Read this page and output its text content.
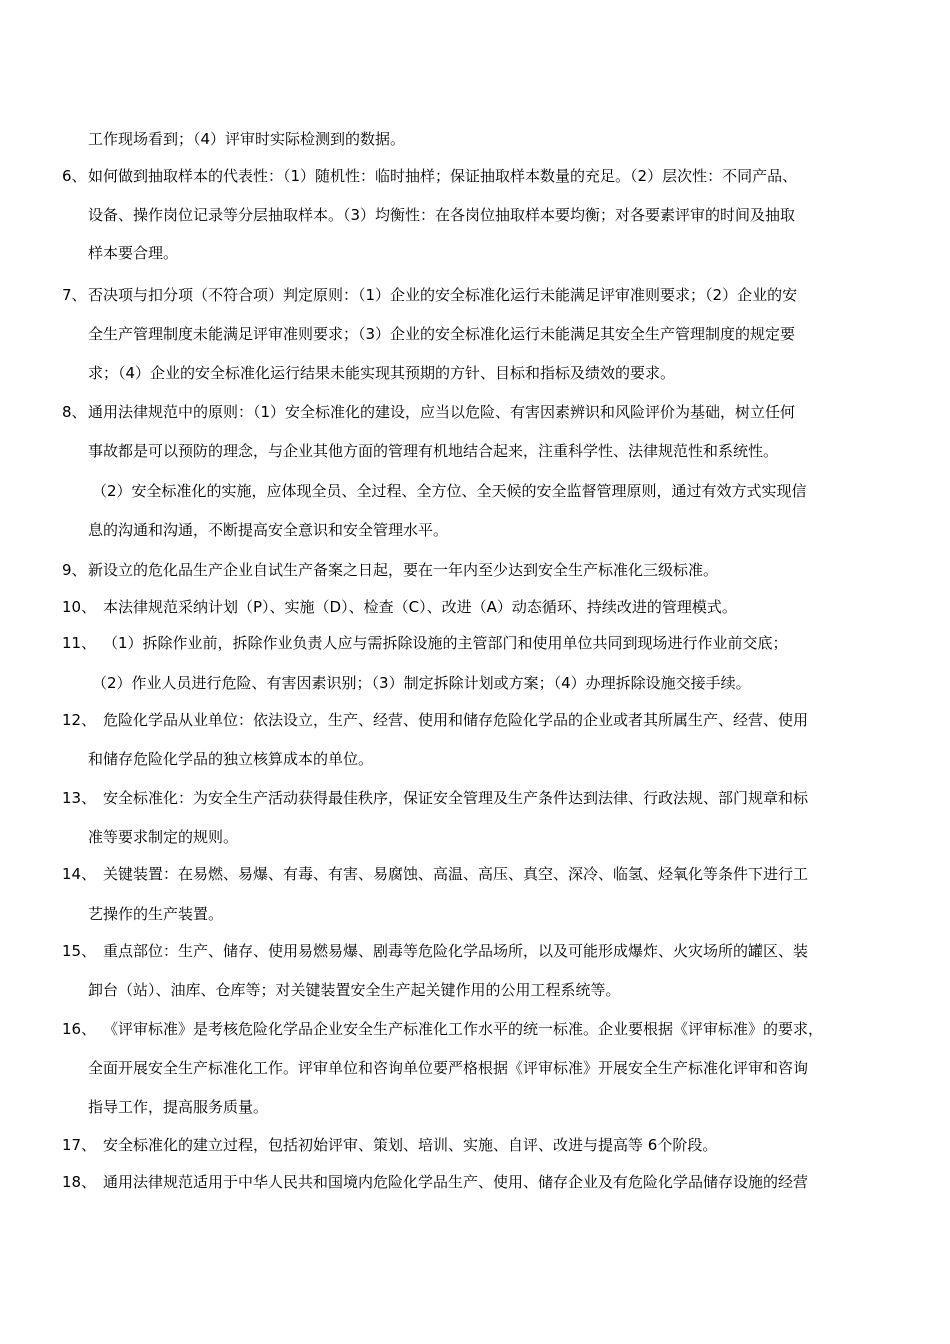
工作现场看到；（4）评审时实际检测到的数据。
6、 如何做到抽取样本的代表性：（1）随机性：临时抽样；保证抽取样本数量的充足。（2）层次性：不同产品、
设备、操作岗位记录等分层抽取样本。（3）均衡性：在各岗位抽取样本要均衡；对各要素评审的时间及抽取
样本要合理。
7、 否决项与扣分项（不符合项）判定原则：（1）企业的安全标准化运行未能满足评审准则要求；（2）企业的安
全生产管理制度未能满足评审准则要求；（3）企业的安全标准化运行未能满足其安全生产管理制度的规定要
求；（4）企业的安全标准化运行结果未能实现其预期的方针、目标和指标及绩效的要求。
8、 通用法律规范中的原则：（1）安全标准化的建设，应当以危险、有害因素辨识和风险评价为基础，树立任何
事故都是可以预防的理念，与企业其他方面的管理有机地结合起来，注重科学性、法律规范性和系统性。
（2）安全标准化的实施，应体现全员、全过程、全方位、全天候的安全监督管理原则，通过有效方式实现信
息的沟通和沟通，不断提高安全意识和安全管理水平。
9、 新设立的危化品生产企业自试生产备案之日起，要在一年内至少达到安全生产标准化三级标准。
10、 本法律规范采纳计划（P）、实施（D）、检查（C）、改进（A）动态循环、持续改进的管理模式。
11、 （1）拆除作业前，拆除作业负责人应与需拆除设施的主管部门和使用单位共同到现场进行作业前交底；
（2）作业人员进行危险、有害因素识别；（3）制定拆除计划或方案；（4）办理拆除设施交接手续。
12、 危险化学品从业单位：依法设立，生产、经营、使用和储存危险化学品的企业或者其所属生产、经营、使用
和储存危险化学品的独立核算成本的单位。
13、 安全标准化：为安全生产活动获得最佳秩序，保证安全管理及生产条件达到法律、行政法规、部门规章和标
准等要求制定的规则。
14、 关键装置：在易燃、易爆、有毒、有害、易腐蚀、高温、高压、真空、深冷、临氢、烃氧化等条件下进行工
艺操作的生产装置。
15、 重点部位：生产、储存、使用易燃易爆、剧毒等危险化学品场所，以及可能形成爆炸、火灾场所的罐区、装
卸台（站）、油库、仓库等；对关键装置安全生产起关键作用的公用工程系统等。
16、 《评审标准》是考核危险化学品企业安全生产标准化工作水平的统一标准。企业要根据《评审标准》的要求，
全面开展安全生产标准化工作。评审单位和咨询单位要严格根据《评审标准》开展安全生产标准化评审和咨询
指导工作，提高服务质量。
17、 安全标准化的建立过程，包括初始评审、策划、培训、实施、自评、改进与提高等 6个阶段。
18、 通用法律规范适用于中华人民共和国境内危险化学品生产、使用、储存企业及有危险化学品储存设施的经营
